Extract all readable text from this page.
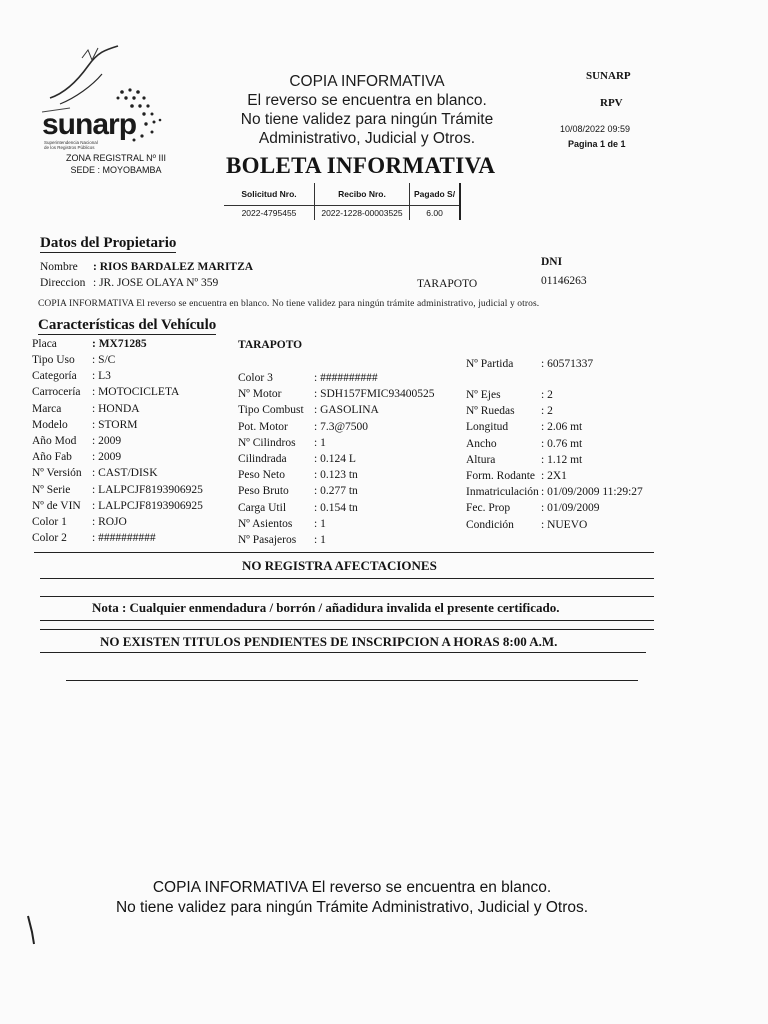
sunarp
Superintendencia Nacional de los Registros Públicos
ZONA REGISTRAL Nº III
SEDE : MOYOBAMBA
COPIA INFORMATIVA
El reverso se encuentra en blanco.
No tiene validez para ningún Trámite
Administrativo, Judicial y Otros.
BOLETA INFORMATIVA
SUNARP
RPV
10/08/2022 09:59
Pagina 1 de 1
Solicitud Nro.	Recibo Nro.	Pagado S/
2022-4795455	2022-1228-00003525	6.00
Datos del Propietario
Nombre : RIOS BARDALEZ MARITZA
Direccion : JR. JOSE OLAYA Nº 359	TARAPOTO
DNI
01146263
COPIA INFORMATIVA El reverso se encuentra en blanco. No tiene validez para ningún trámite administrativo, judicial y otros.
Características del Vehículo
Placa	: MX71285	TARAPOTO
Nº Partida : 60571337
Tipo Uso : S/C
Categoría : L3
Carrocería : MOTOCICLETA
Marca	: HONDA
Modelo : STORM
Año Mod : 2009
Año Fab : 2009
Nº Versión : CAST/DISK
Nº Serie : LALPCJF8193906925
Nº de VIN : LALPCJF8193906925
Color 1 : ROJO
Color 2 : ##########
Color 3	: ##########
Nº Motor	: SDH157FMIC93400525
Tipo Combust : GASOLINA
Pot. Motor : 7.3@7500
Nº Cilindros : 1
Cilindrada : 0.124 L
Peso Neto	: 0.123 tn
Peso Bruto : 0.277 tn
Carga Util : 0.154 tn
Nº Asientos : 1
Nº Pasajeros : 1
Nº Ejes	: 2
Nº Ruedas : 2
Longitud	: 2.06 mt
Ancho	: 0.76 mt
Altura	: 1.12 mt
Form. Rodante : 2X1
Inmatriculación : 01/09/2009 11:29:27
Fec. Prop	: 01/09/2009
Condición : NUEVO
NO REGISTRA AFECTACIONES
Nota : Cualquier enmendadura / borrón / añadidura invalida el presente certificado.
NO EXISTEN TITULOS PENDIENTES DE INSCRIPCION A HORAS 8:00 A.M.
COPIA INFORMATIVA El reverso se encuentra en blanco.
No tiene validez para ningún Trámite Administrativo, Judicial y Otros.
